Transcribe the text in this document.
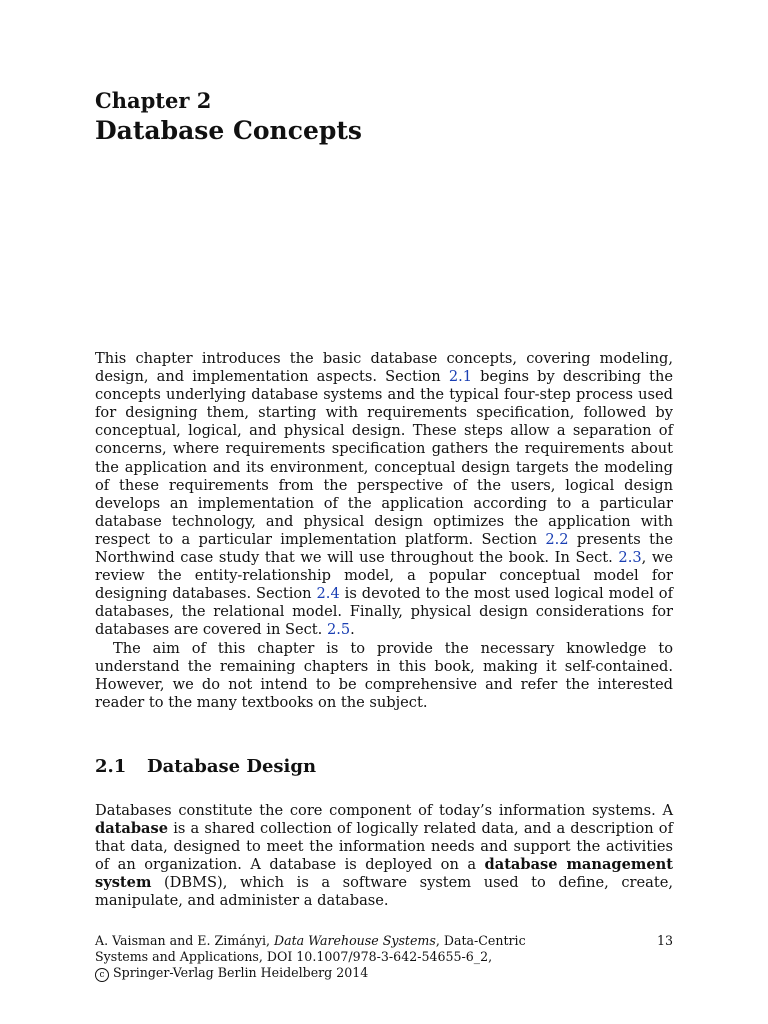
Chapter 2
Database Concepts

This chapter introduces the basic database concepts, covering modeling, design, and implementation aspects. Section 2.1 begins by describing the concepts underlying database systems and the typical four-step process used for designing them, starting with requirements specification, followed by conceptual, logical, and physical design. These steps allow a separation of concerns, where requirements specification gathers the requirements about the application and its environment, conceptual design targets the modeling of these requirements from the perspective of the users, logical design develops an implementation of the application according to a particular database technology, and physical design optimizes the application with respect to a particular implementation platform. Section 2.2 presents the Northwind case study that we will use throughout the book. In Sect. 2.3, we review the entity-relationship model, a popular conceptual model for designing databases. Section 2.4 is devoted to the most used logical model of databases, the relational model. Finally, physical design considerations for databases are covered in Sect. 2.5.

The aim of this chapter is to provide the necessary knowledge to understand the remaining chapters in this book, making it self-contained. However, we do not intend to be comprehensive and refer the interested reader to the many textbooks on the subject.

2.1 Database Design

Databases constitute the core component of today’s information systems. A database is a shared collection of logically related data, and a description of that data, designed to meet the information needs and support the activities of an organization. A database is deployed on a database management system (DBMS), which is a software system used to define, create, manipulate, and administer a database.

13

A. Vaisman and E. Zimányi, Data Warehouse Systems, Data-Centric

Systems and Applications, DOI 10.1007/978-3-642-54655-6_2,

c Springer-Verlag Berlin Heidelberg 2014
